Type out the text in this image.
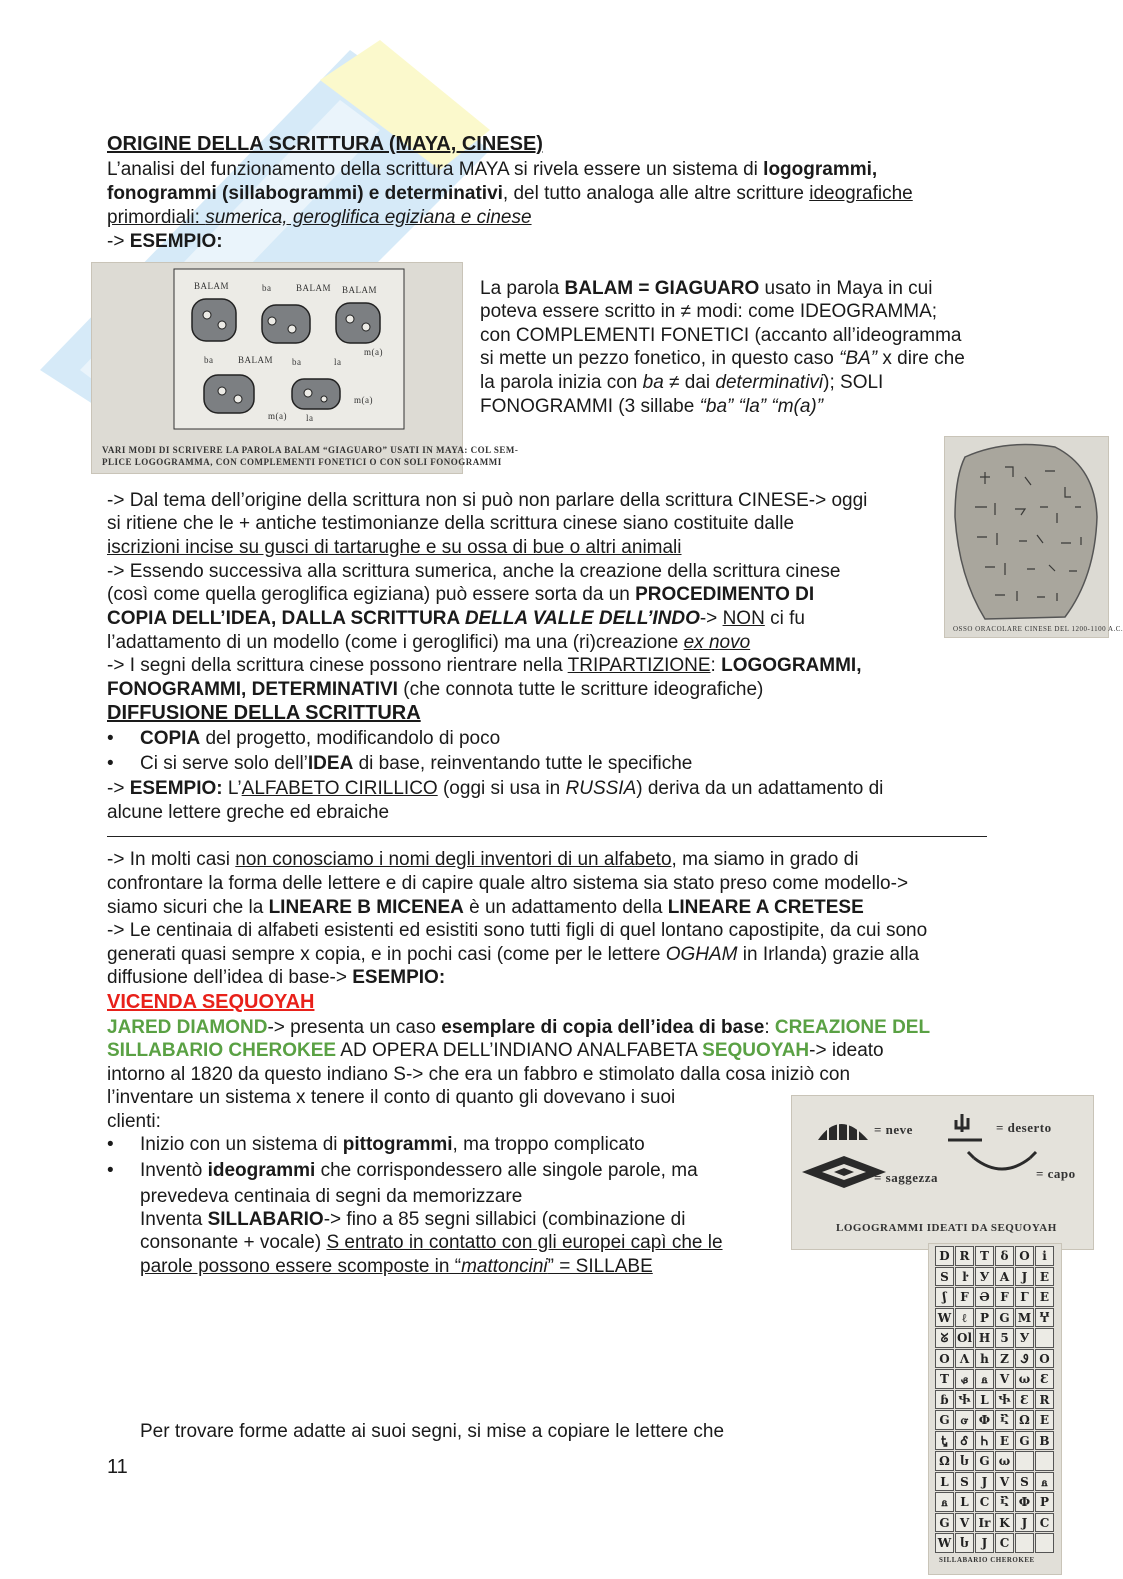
ORIGINE DELLA SCRITTURA (MAYA, CINESE)
L’analisi del funzionamento della scrittura MAYA si rivela essere un sistema di logogrammi,
fonogrammi (sillabogrammi) e determinativi, del tutto analoga alle altre scritture ideografiche
primordiali: sumerica, geroglifica egiziana e cinese
-> ESEMPIO:
BALAM	ba	BALAM BALAM
ba	BALAM ba	la
m(a)
m(a) la
m(a)
VARI MODI DI SCRIVERE LA PAROLA BALAM “GIAGUARO” USATI IN MAYA: COL SEM-
PLICE LOGOGRAMMA, CON COMPLEMENTI FONETICI O CON SOLI FONOGRAMMI
La parola BALAM = GIAGUARO usato in Maya in cui
poteva essere scritto in ≠ modi: come IDEOGRAMMA;
con COMPLEMENTI FONETICI (accanto all’ideogramma
si mette un pezzo fonetico, in questo caso “BA” x dire che
la parola inizia con ba ≠ dai determinativi); SOLI
FONOGRAMMI (3 sillabe “ba” “la” “m(a)”
OSSO ORACOLARE CINESE DEL 1200-1100 A.C.
-> Dal tema dell’origine della scrittura non si può non parlare della scrittura CINESE-> oggi
si ritiene che le + antiche testimonianze della scrittura cinese siano costituite dalle
iscrizioni incise su gusci di tartarughe e su ossa di bue o altri animali
-> Essendo successiva alla scrittura sumerica, anche la creazione della scrittura cinese
(così come quella geroglifica egiziana) può essere sorta da un PROCEDIMENTO DI
COPIA DELL’IDEA, DALLA SCRITTURA DELLA VALLE DELL’INDO-> NON ci fu
l’adattamento di un modello (come i geroglifici) ma una (ri)creazione ex novo
-> I segni della scrittura cinese possono rientrare nella TRIPARTIZIONE: LOGOGRAMMI,
FONOGRAMMI, DETERMINATIVI (che connota tutte le scritture ideografiche)
DIFFUSIONE DELLA SCRITTURA
• COPIA del progetto, modificandolo di poco
• Ci si serve solo dell’IDEA di base, reinventando tutte le specifiche
-> ESEMPIO: L’ALFABETO CIRILLICO (oggi si usa in RUSSIA) deriva da un adattamento di
alcune lettere greche ed ebraiche
-> In molti casi non conosciamo i nomi degli inventori di un alfabeto, ma siamo in grado di
confrontare la forma delle lettere e di capire quale altro sistema sia stato preso come modello->
siamo sicuri che la LINEARE B MICENEA è un adattamento della LINEARE A CRETESE
-> Le centinaia di alfabeti esistenti ed esistiti sono tutti figli di quel lontano capostipite, da cui sono
generati quasi sempre x copia, e in pochi casi (come per le lettere OGHAM in Irlanda) grazie alla
diffusione dell’idea di base-> ESEMPIO:
VICENDA SEQUOYAH
JARED DIAMOND-> presenta un caso esemplare di copia dell’idea di base: CREAZIONE DEL
SILLABARIO CHEROKEE AD OPERA DELL’INDIANO ANALFABETA SEQUOYAH-> ideato
intorno al 1820 da questo indiano S-> che era un fabbro e stimolato dalla cosa iniziò con
l’inventare un sistema x tenere il conto di quanto gli dovevano i suoi
clienti:
• Inizio con un sistema di pittogrammi, ma troppo complicato
• Inventò ideogrammi che corrispondessero alle singole parole, ma
prevedeva centinaia di segni da memorizzare
Inventa SILLABARIO-> fino a 85 segni sillabici (combinazione di
consonante + vocale) S entrato in contatto con gli europei capì che le
parole possono essere scomposte in “mattoncini” = SILLABE
Per trovare forme adatte ai suoi segni, si mise a copiare le lettere che
11
= neve	= deserto
= saggezza	= capo
LOGOGRAMMI IDEATI DA SEQUOYAH
D R T δ O	i
S	ŀ	У A	J	E
ʃ	F Ə F Γ E
W ℓ	P G M Ⴤ
ᘜ Ol H 5 У
O Λ h Z Ꮽ O
T	ᏸ	ᏺ	V ω Ɛ
ɓ Ⴕ L Ⴕ Ɛ R
G ᏻ Ф Ⴀ Ω E
Ꮏ	Ꮄ	Ꮒ E G B
Ω Ⴑ G ω
L S	J	V S	ᏺ
ᏺ	L C Ⴀ Ф P
G V Ir K J	C
W Ⴑ	J	C
SILLABARIO CHEROKEE
